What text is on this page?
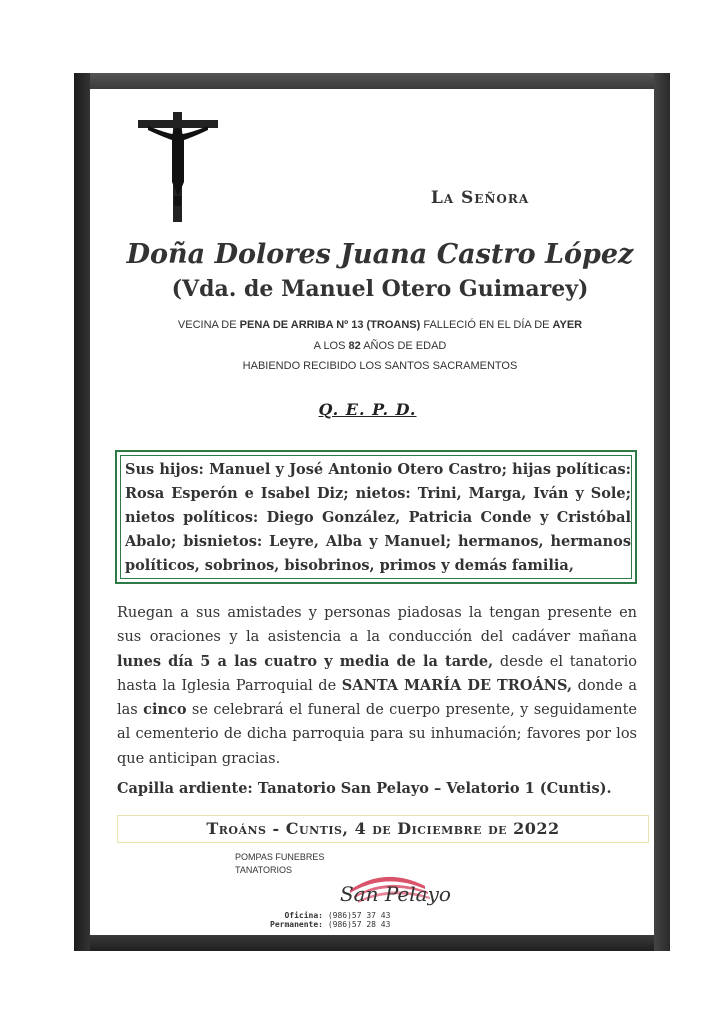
La Señora
Doña Dolores Juana Castro López
(Vda. de Manuel Otero Guimarey)
VECINA DE PENA DE ARRIBA Nº 13 (TROANS) FALLECIÓ EN EL DÍA DE AYER
A LOS 82 AÑOS DE EDAD
HABIENDO RECIBIDO LOS SANTOS SACRAMENTOS
Q. E. P. D.
Sus hijos: Manuel y José Antonio Otero Castro; hijas políticas: Rosa Esperón e Isabel Diz; nietos: Trini, Marga, Iván y Sole; nietos políticos: Diego González, Patricia Conde y Cristóbal Abalo; bisnietos: Leyre, Alba y Manuel; hermanos, hermanos políticos, sobrinos, bisobrinos, primos y demás familia,
Ruegan a sus amistades y personas piadosas la tengan presente en sus oraciones y la asistencia a la conducción del cadáver mañana lunes día 5 a las cuatro y media de la tarde, desde el tanatorio hasta la Iglesia Parroquial de SANTA MARÍA DE TROÁNS, donde a las cinco se celebrará el funeral de cuerpo presente, y seguidamente al cementerio de dicha parroquia para su inhumación; favores por los que anticipan gracias.
Capilla ardiente: Tanatorio San Pelayo – Velatorio 1 (Cuntis).
Troáns - Cuntis, 4 de Diciembre de 2022
POMPAS FUNEBRES
TANATORIOS
San Pelayo
Oficina: (986)57 37 43
Permanente: (986)57 28 43
